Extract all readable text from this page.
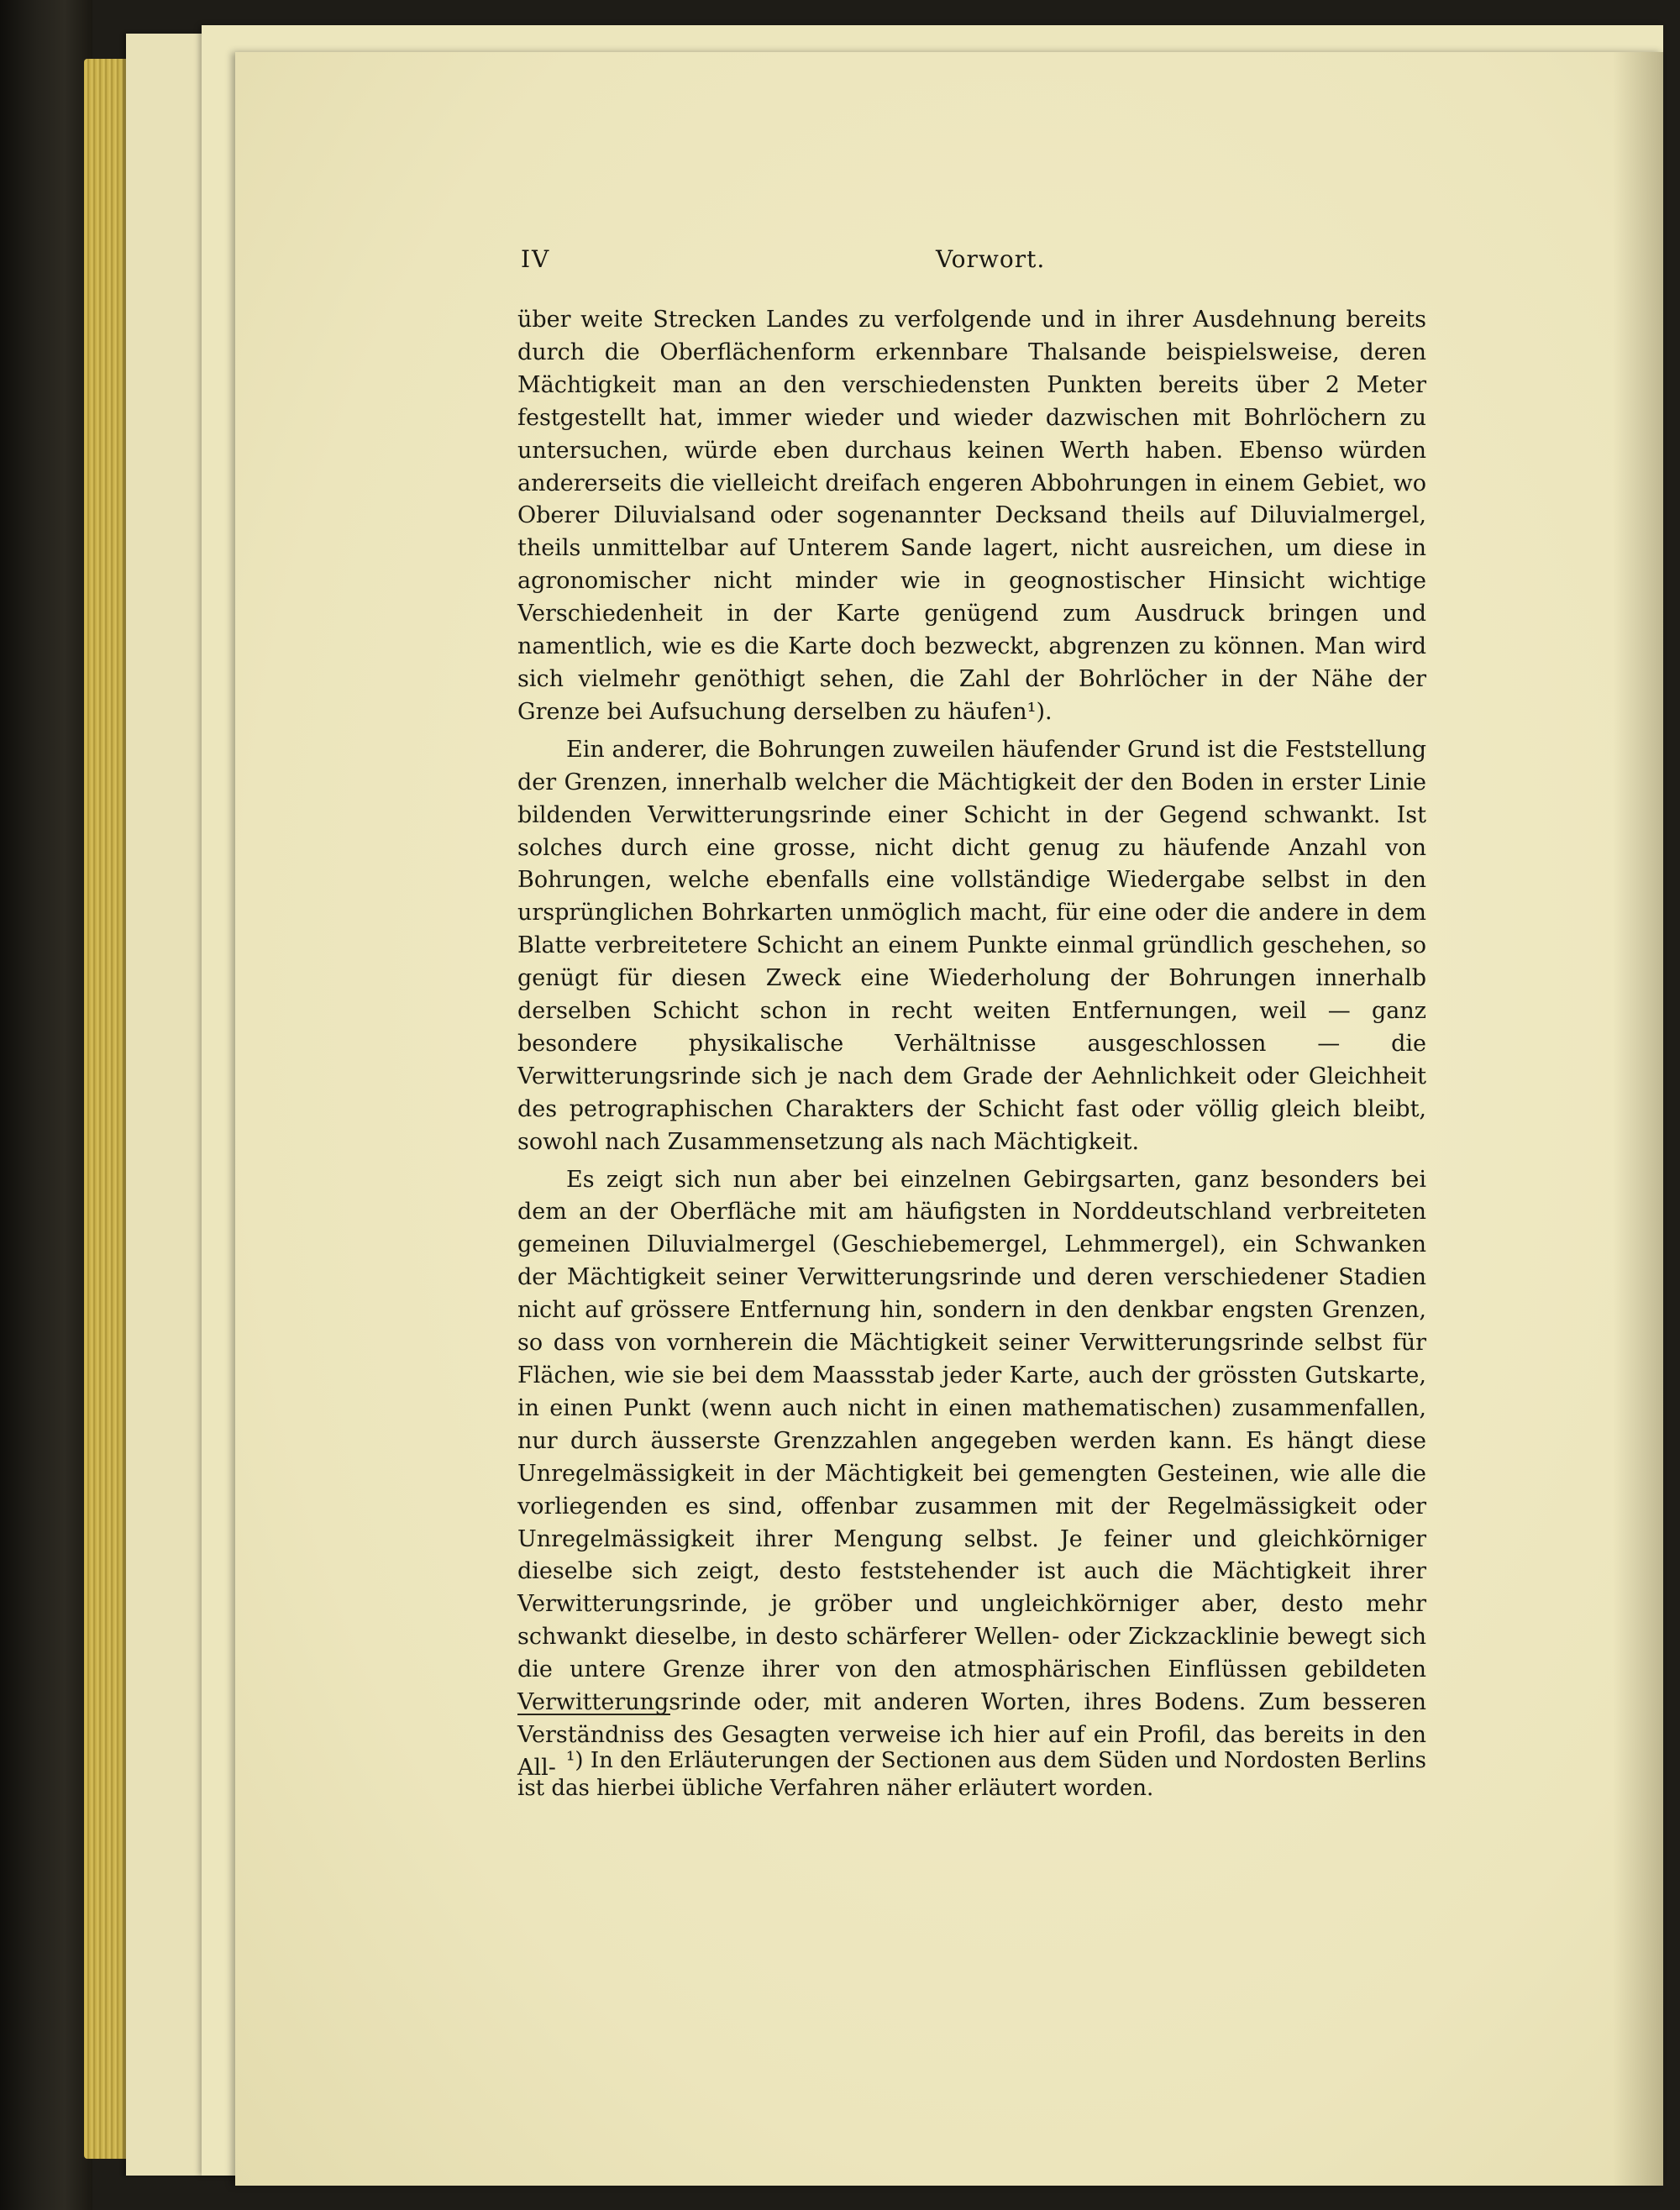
IV	Vorwort.

über weite Strecken Landes zu verfolgende und in ihrer Ausdehnung bereits durch die Oberflächenform erkennbare Thalsande beispielsweise, deren Mächtigkeit man an den verschiedensten Punkten bereits über 2 Meter festgestellt hat, immer wieder und wieder dazwischen mit Bohrlöchern zu untersuchen, würde eben durchaus keinen Werth haben. Ebenso würden andererseits die vielleicht dreifach engeren Abbohrungen in einem Gebiet, wo Oberer Diluvialsand oder sogenannter Decksand theils auf Diluvialmergel, theils unmittelbar auf Unterem Sande lagert, nicht ausreichen, um diese in agronomischer nicht minder wie in geognostischer Hinsicht wichtige Verschiedenheit in der Karte genügend zum Ausdruck bringen und namentlich, wie es die Karte doch bezweckt, abgrenzen zu können. Man wird sich vielmehr genöthigt sehen, die Zahl der Bohrlöcher in der Nähe der Grenze bei Aufsuchung derselben zu häufen¹).

Ein anderer, die Bohrungen zuweilen häufender Grund ist die Feststellung der Grenzen, innerhalb welcher die Mächtigkeit der den Boden in erster Linie bildenden Verwitterungsrinde einer Schicht in der Gegend schwankt. Ist solches durch eine grosse, nicht dicht genug zu häufende Anzahl von Bohrungen, welche ebenfalls eine vollständige Wiedergabe selbst in den ursprünglichen Bohrkarten unmöglich macht, für eine oder die andere in dem Blatte verbreitetere Schicht an einem Punkte einmal gründlich geschehen, so genügt für diesen Zweck eine Wiederholung der Bohrungen innerhalb derselben Schicht schon in recht weiten Entfernungen, weil — ganz besondere physikalische Verhältnisse ausgeschlossen — die Verwitterungsrinde sich je nach dem Grade der Aehnlichkeit oder Gleichheit des petrographischen Charakters der Schicht fast oder völlig gleich bleibt, sowohl nach Zusammensetzung als nach Mächtigkeit.

Es zeigt sich nun aber bei einzelnen Gebirgsarten, ganz besonders bei dem an der Oberfläche mit am häufigsten in Norddeutschland verbreiteten gemeinen Diluvialmergel (Geschiebemergel, Lehmmergel), ein Schwanken der Mächtigkeit seiner Verwitterungsrinde und deren verschiedener Stadien nicht auf grössere Entfernung hin, sondern in den denkbar engsten Grenzen, so dass von vornherein die Mächtigkeit seiner Verwitterungsrinde selbst für Flächen, wie sie bei dem Maassstab jeder Karte, auch der grössten Gutskarte, in einen Punkt (wenn auch nicht in einen mathematischen) zusammenfallen, nur durch äusserste Grenzzahlen angegeben werden kann. Es hängt diese Unregelmässigkeit in der Mächtigkeit bei gemengten Gesteinen, wie alle die vorliegenden es sind, offenbar zusammen mit der Regelmässigkeit oder Unregelmässigkeit ihrer Mengung selbst. Je feiner und gleichkörniger dieselbe sich zeigt, desto feststehender ist auch die Mächtigkeit ihrer Verwitterungsrinde, je gröber und ungleichkörniger aber, desto mehr schwankt dieselbe, in desto schärferer Wellen- oder Zickzacklinie bewegt sich die untere Grenze ihrer von den atmosphärischen Einflüssen gebildeten Verwitterungsrinde oder, mit anderen Worten, ihres Bodens. Zum besseren Verständniss des Gesagten verweise ich hier auf ein Profil, das bereits in den All- ¹) In den Erläuterungen der Sectionen aus dem Süden und Nordosten Berlins ist das hierbei übliche Verfahren näher erläutert worden.
